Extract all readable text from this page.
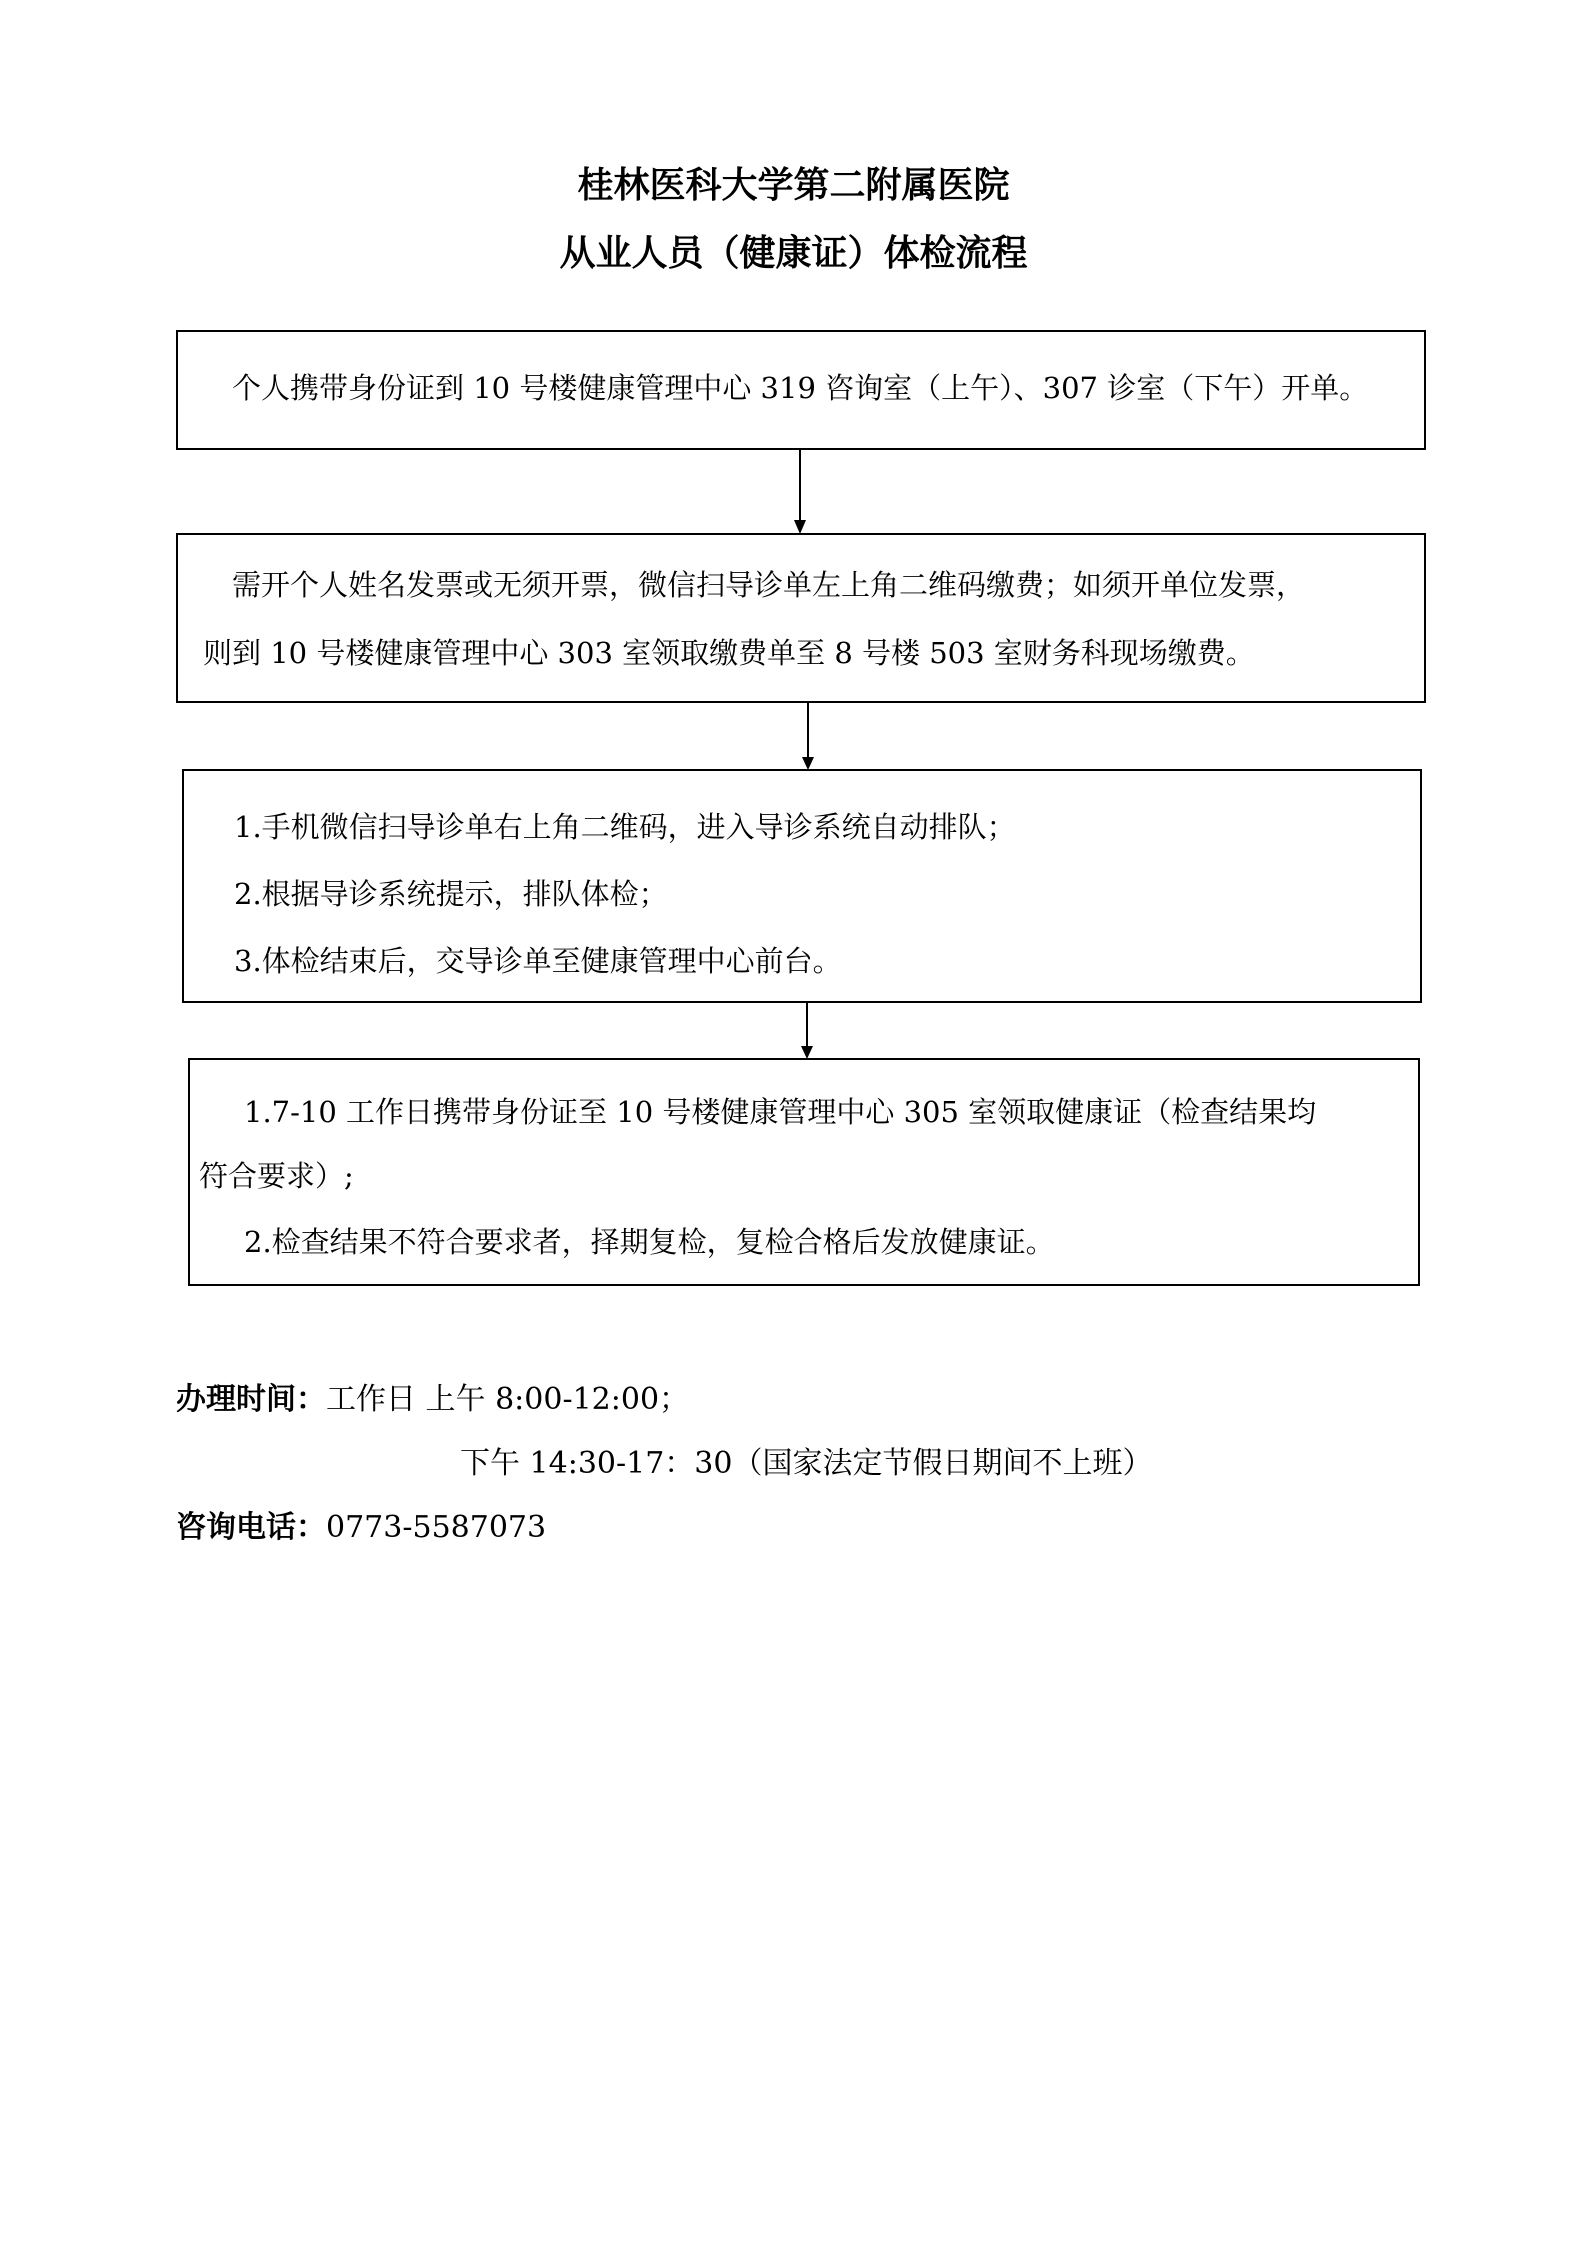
桂林医科大学第二附属医院
从业人员（健康证）体检流程

个人携带身份证到 10 号楼健康管理中心 319 咨询室（上午）、307 诊室（下午）开单。

需开个人姓名发票或无须开票，微信扫导诊单左上角二维码缴费；如须开单位发票，

则到 10 号楼健康管理中心 303 室领取缴费单至 8 号楼 503 室财务科现场缴费。

1.手机微信扫导诊单右上角二维码，进入导诊系统自动排队；

2.根据导诊系统提示，排队体检；

3.体检结束后，交导诊单至健康管理中心前台。

1.7-10 工作日携带身份证至 10 号楼健康管理中心 305 室领取健康证（检查结果均

符合要求）;

2.检查结果不符合要求者，择期复检，复检合格后发放健康证。

办理时间：工作日 上午 8:00-12:00；
下午 14:30-17：30（国家法定节假日期间不上班）
咨询电话：0773-5587073
